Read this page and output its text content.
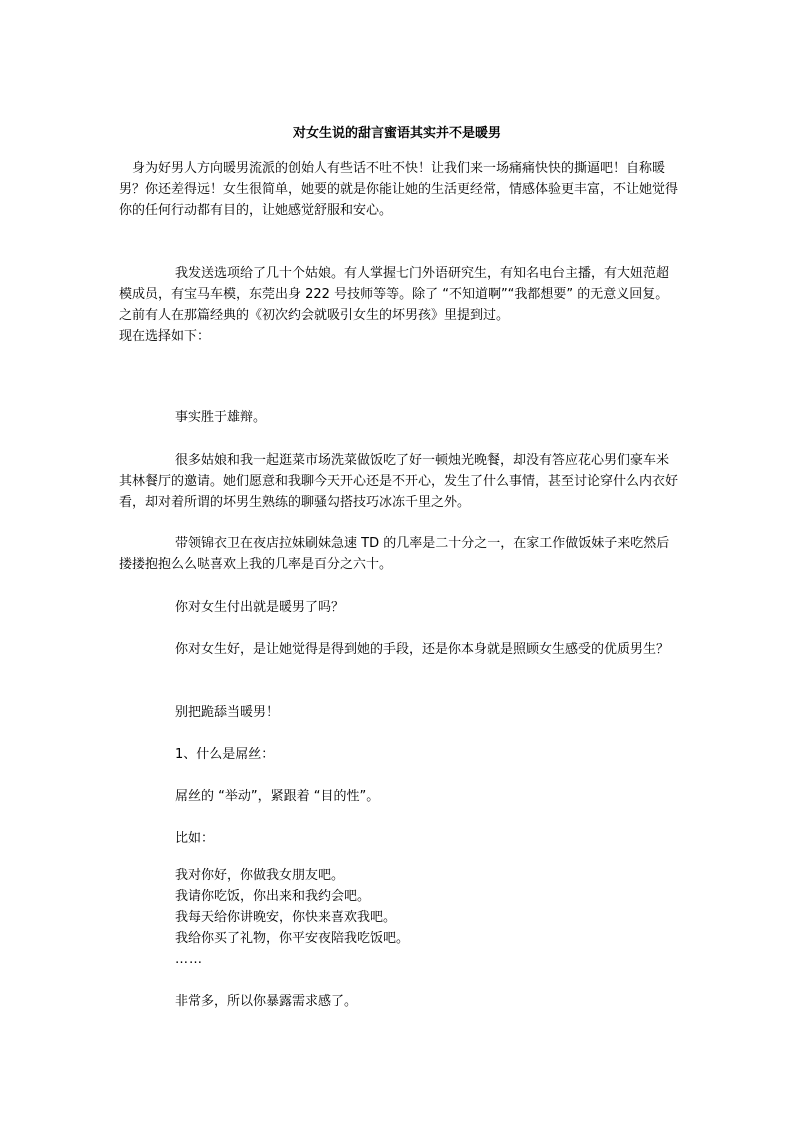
对女生说的甜言蜜语其实并不是暖男
身为好男人方向暖男流派的创始人有些话不吐不快！让我们来一场痛痛快快的撕逼吧！自称暖男？你还差得远！女生很简单，她要的就是你能让她的生活更经常，情感体验更丰富，不让她觉得你的任何行动都有目的，让她感觉舒服和安心。
我发送选项给了几十个姑娘。有人掌握七门外语研究生，有知名电台主播，有大妞范超模成员，有宝马车模，东莞出身 222 号技师等等。除了 “不知道啊”“我都想要” 的无意义回复。之前有人在那篇经典的《初次约会就吸引女生的坏男孩》里提到过。
现在选择如下：
事实胜于雄辩。
很多姑娘和我一起逛菜市场洗菜做饭吃了好一顿烛光晚餐，却没有答应花心男们豪车米其林餐厅的邀请。她们愿意和我聊今天开心还是不开心，发生了什么事情，甚至讨论穿什么内衣好看，却对着所谓的坏男生熟练的聊骚勾搭技巧冰冻千里之外。
带领锦衣卫在夜店拉妹刷妹急速 TD 的几率是二十分之一，在家工作做饭妹子来吃然后搂搂抱抱么么哒喜欢上我的几率是百分之六十。
你对女生付出就是暖男了吗？
你对女生好，是让她觉得是得到她的手段，还是你本身就是照顾女生感受的优质男生？
别把跪舔当暖男！
1、什么是屌丝：
屌丝的 “举动”，紧跟着 “目的性”。
比如：
我对你好，你做我女朋友吧。
我请你吃饭，你出来和我约会吧。
我每天给你讲晚安，你快来喜欢我吧。
我给你买了礼物，你平安夜陪我吃饭吧。
……
非常多，所以你暴露需求感了。
